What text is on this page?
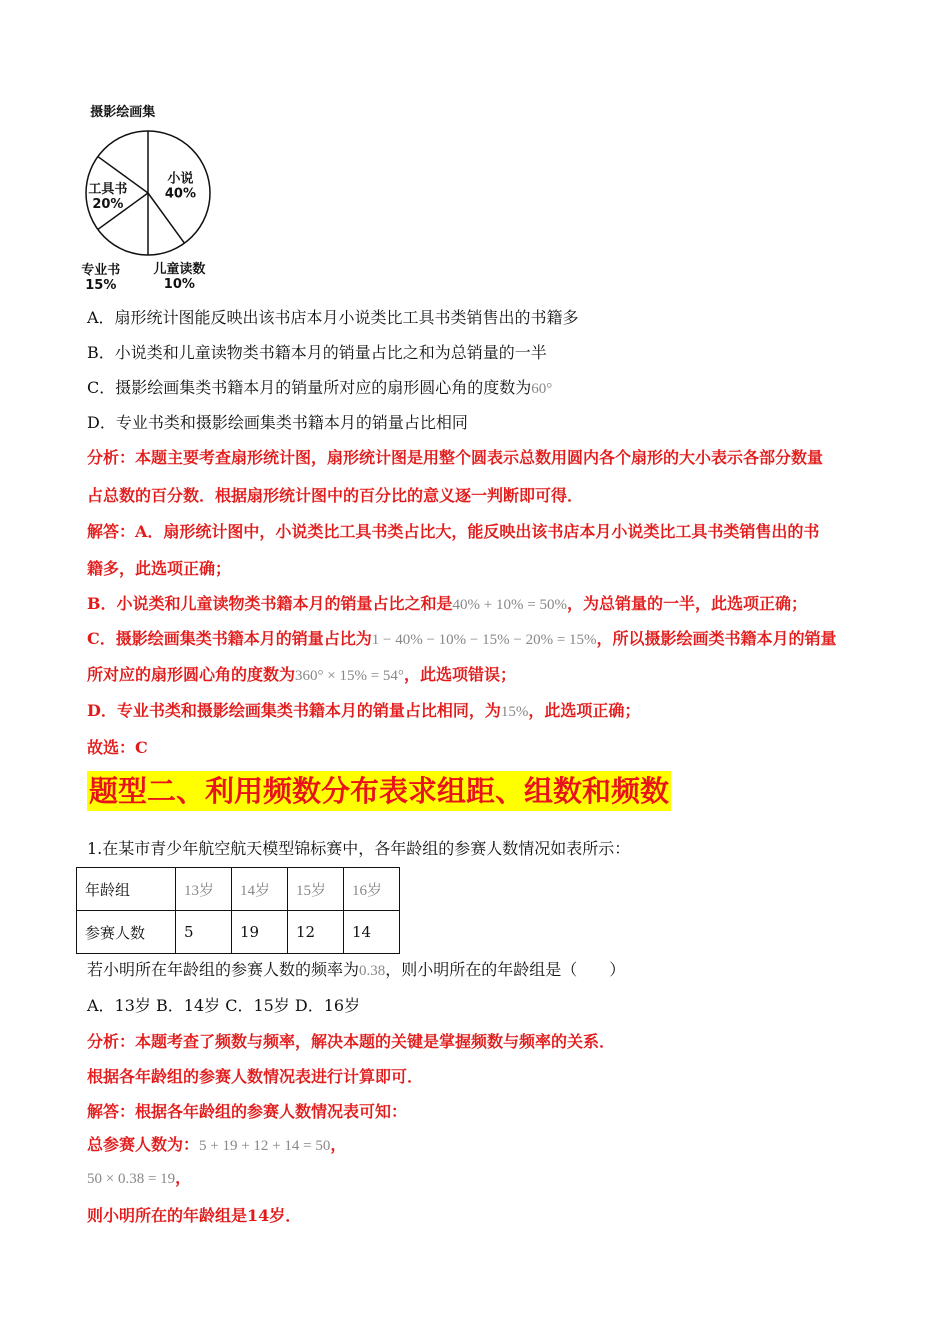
小说 40%
儿童读数 10%
专业书 15%
工具书 20%
摄影绘画集
A．扇形统计图能反映出该书店本月小说类比工具书类销售出的书籍多
B．小说类和儿童读物类书籍本月的销量占比之和为总销量的一半
C．摄影绘画集类书籍本月的销量所对应的扇形圆心角的度数为60°
D．专业书类和摄影绘画集类书籍本月的销量占比相同
分析：本题主要考查扇形统计图，扇形统计图是用整个圆表示总数用圆内各个扇形的大小表示各部分数量
占总数的百分数．根据扇形统计图中的百分比的意义逐一判断即可得．
解答：A．扇形统计图中，小说类比工具书类占比大，能反映出该书店本月小说类比工具书类销售出的书
籍多，此选项正确；
B．小说类和儿童读物类书籍本月的销量占比之和是40% + 10% = 50%，为总销量的一半，此选项正确；
C．摄影绘画集类书籍本月的销量占比为1 − 40% − 10% − 15% − 20% = 15%，所以摄影绘画类书籍本月的销量
所对应的扇形圆心角的度数为360° × 15% = 54°，此选项错误；
D．专业书类和摄影绘画集类书籍本月的销量占比相同，为15%，此选项正确；
故选：C
题型二、利用频数分布表求组距、组数和频数
1.在某市青少年航空航天模型锦标赛中，各年龄组的参赛人数情况如表所示：
年龄组	13岁	14岁	15岁	16岁
参赛人数	5	19	12	14
若小明所在年龄组的参赛人数的频率为0.38，则小明所在的年龄组是（　　）
A．13岁 B．14岁 C．15岁 D．16岁
分析：本题考查了频数与频率，解决本题的关键是掌握频数与频率的关系．
根据各年龄组的参赛人数情况表进行计算即可．
解答：根据各年龄组的参赛人数情况表可知：
总参赛人数为：5 + 19 + 12 + 14 = 50，
50 × 0.38 = 19，
则小明所在的年龄组是14岁．
